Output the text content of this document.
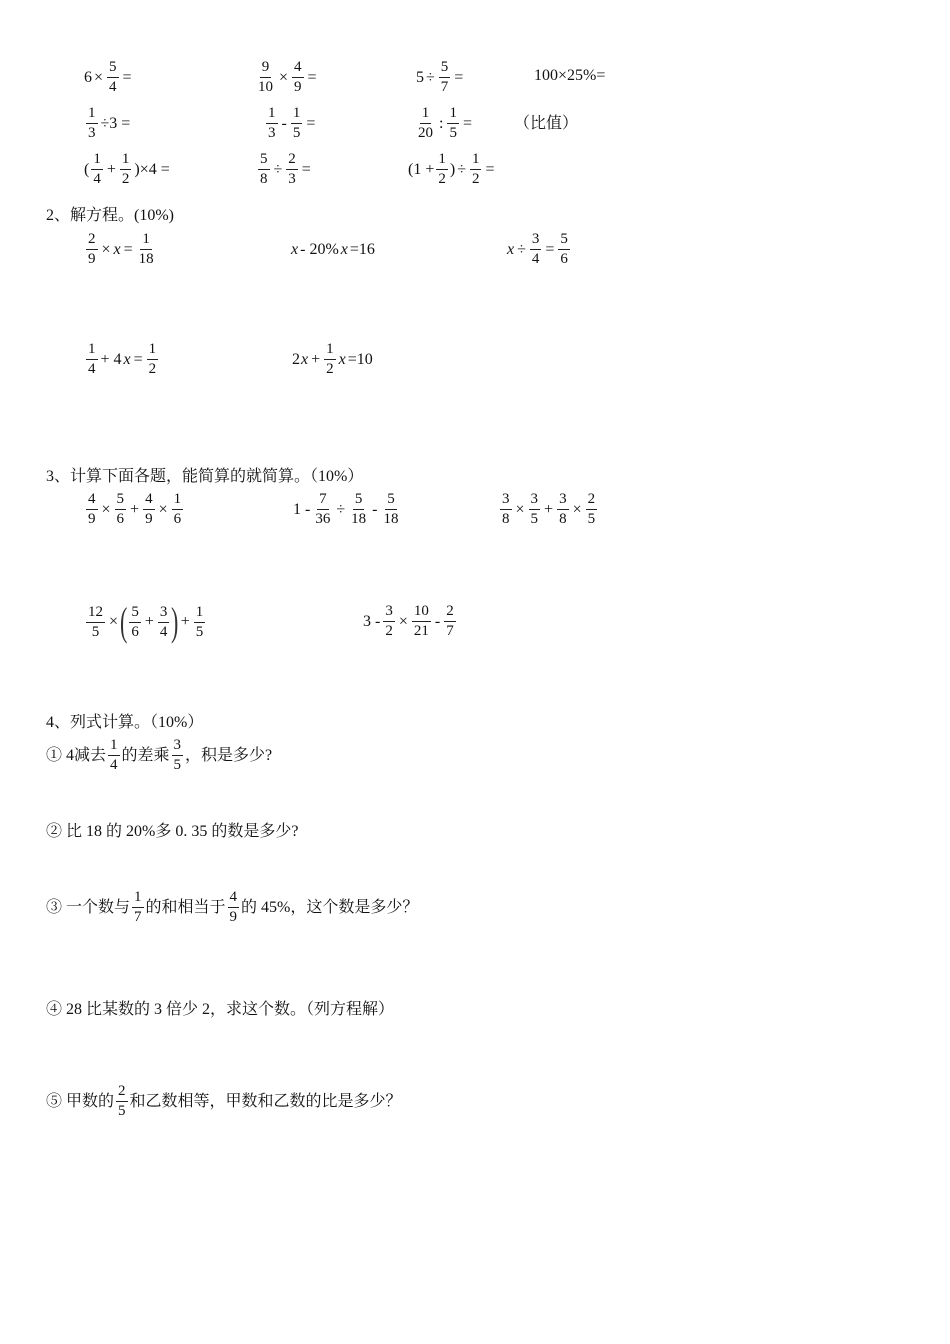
$6 \times \frac{5}{4}$ =	$\frac{9}{10} \times \frac{4}{9}$ =	$5 \div \frac{5}{7}$ =	100×25%=
$\frac{1}{3} \div 3$ =	$\frac{1}{3} - \frac{1}{5}$ =	$\frac{1}{20}$ : $\frac{1}{5}$ =	（比值）
( $\frac{1}{4} + \frac{1}{2} )\times 4$ =	$\frac{5}{8} \div \frac{2}{3}$ =	($1 + \frac{1}{2}$ ) ÷ $\frac{1}{2}$ =
2、解方程。(10%)
$\frac{2}{9} \times x = \frac{1}{18}$	x - 20% x =16	$x \div \frac{3}{4} = \frac{5}{6}$
$\frac{1}{4} + 4$ $x = \frac{1}{2}$	2 $x + \frac{1}{2}$ x =10
3、计算下面各题，能简算的就简算。（10%）
$\frac{4}{9} \times \frac{5}{6} + \frac{4}{9} \times \frac{1}{6}$	$1 - \frac{7}{36} \div \frac{5}{18} - \frac{5}{18}$	$\frac{3}{8} \times \frac{3}{5} + \frac{3}{8} \times \frac{2}{5}$
$\frac{12}{5}$ × ( $\frac{5}{6} + \frac{3}{4}$ ) + $\frac{1}{5}$	$3 - \frac{3}{2} \times \frac{10}{21} - \frac{2}{7}$
4、列式计算。（10%）
① 4减去 $\frac{1}{4}$ 的差乘 $\frac{3}{5}$ ，积是多少?
② 比 18 的 20%多 0. 35 的数是多少?
③ 一个数与 $\frac{1}{7}$ 的和相当于 $\frac{4}{9}$ 的 45%，这个数是多少？
④ 28 比某数的 3 倍少 2，求这个数。（列方程解）
⑤ 甲数的 $\frac{2}{5}$ 和乙数相等，甲数和乙数的比是多少？
